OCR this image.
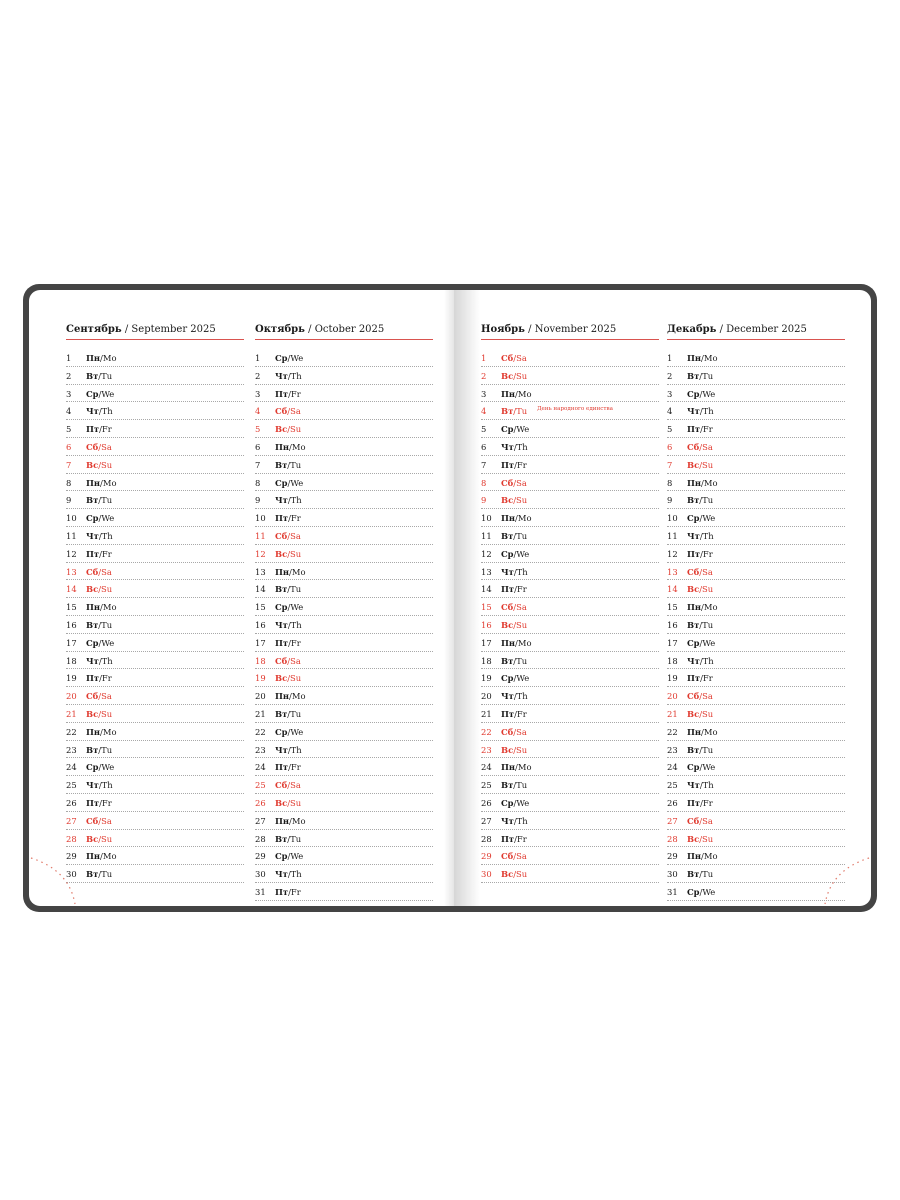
Сентябрь / September 2025
1	Пн/Mo
2	Вт/Tu
3	Ср/We
4	Чт/Th
5	Пт/Fr
6	Сб/Sa
7	Вс/Su
8	Пн/Mo
9	Вт/Tu
10	Ср/We
11	Чт/Th
12	Пт/Fr
13	Сб/Sa
14	Вс/Su
15	Пн/Mo
16	Вт/Tu
17	Ср/We
18	Чт/Th
19	Пт/Fr
20	Сб/Sa
21	Вс/Su
22	Пн/Mo
23	Вт/Tu
24	Ср/We
25	Чт/Th
26	Пт/Fr
27	Сб/Sa
28	Вс/Su
29	Пн/Mo
30	Вт/Tu
Октябрь / October 2025
1	Ср/We
2	Чт/Th
3	Пт/Fr
4	Сб/Sa
5	Вс/Su
6	Пн/Mo
7	Вт/Tu
8	Ср/We
9	Чт/Th
10	Пт/Fr
11	Сб/Sa
12	Вс/Su
13	Пн/Mo
14	Вт/Tu
15	Ср/We
16	Чт/Th
17	Пт/Fr
18	Сб/Sa
19	Вс/Su
20	Пн/Mo
21	Вт/Tu
22	Ср/We
23	Чт/Th
24	Пт/Fr
25	Сб/Sa
26	Вс/Su
27	Пн/Mo
28	Вт/Tu
29	Ср/We
30	Чт/Th
31	Пт/Fr
Ноябрь / November 2025
1	Сб/Sa
2	Вс/Su
3	Пн/Mo
4	Вт/Tu День народного единства
5	Ср/We
6	Чт/Th
7	Пт/Fr
8	Сб/Sa
9	Вс/Su
10	Пн/Mo
11	Вт/Tu
12	Ср/We
13	Чт/Th
14	Пт/Fr
15	Сб/Sa
16	Вс/Su
17	Пн/Mo
18	Вт/Tu
19	Ср/We
20	Чт/Th
21	Пт/Fr
22	Сб/Sa
23	Вс/Su
24	Пн/Mo
25	Вт/Tu
26	Ср/We
27	Чт/Th
28	Пт/Fr
29	Сб/Sa
30	Вс/Su
Декабрь / December 2025
1	Пн/Mo
2	Вт/Tu
3	Ср/We
4	Чт/Th
5	Пт/Fr
6	Сб/Sa
7	Вс/Su
8	Пн/Mo
9	Вт/Tu
10	Ср/We
11	Чт/Th
12	Пт/Fr
13	Сб/Sa
14	Вс/Su
15	Пн/Mo
16	Вт/Tu
17	Ср/We
18	Чт/Th
19	Пт/Fr
20	Сб/Sa
21	Вс/Su
22	Пн/Mo
23	Вт/Tu
24	Ср/We
25	Чт/Th
26	Пт/Fr
27	Сб/Sa
28	Вс/Su
29	Пн/Mo
30	Вт/Tu
31	Ср/We
